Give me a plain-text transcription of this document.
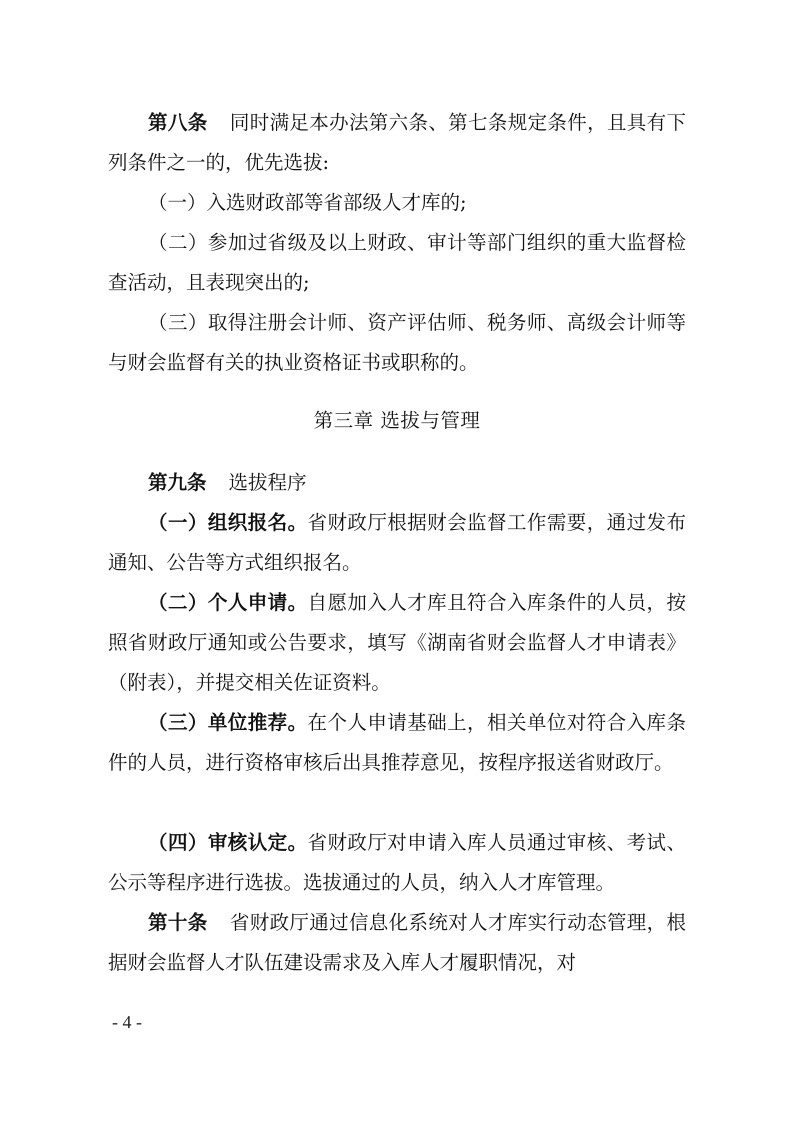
第八条 同时满足本办法第六条、第七条规定条件，且具有下列条件之一的，优先选拔:

（一）入选财政部等省部级人才库的;

（二）参加过省级及以上财政、审计等部门组织的重大监督检查活动，且表现突出的;

（三）取得注册会计师、资产评估师、税务师、高级会计师等与财会监督有关的执业资格证书或职称的。

第三章 选拔与管理

第九条 选拔程序

（一）组织报名。省财政厅根据财会监督工作需要，通过发布通知、公告等方式组织报名。

（二）个人申请。自愿加入人才库且符合入库条件的人员，按照省财政厅通知或公告要求，填写《湖南省财会监督人才申请表》（附表），并提交相关佐证资料。

（三）单位推荐。在个人申请基础上，相关单位对符合入库条件的人员，进行资格审核后出具推荐意见，按程序报送省财政厅。

（四）审核认定。省财政厅对申请入库人员通过审核、考试、公示等程序进行选拔。选拔通过的人员，纳入人才库管理。

第十条 省财政厅通过信息化系统对人才库实行动态管理，根据财会监督人才队伍建设需求及入库人才履职情况，对

- 4 -
